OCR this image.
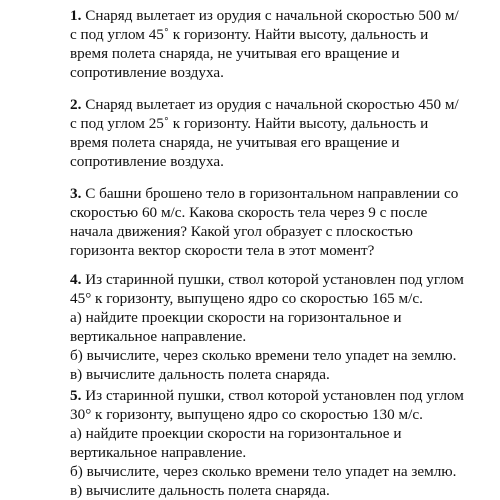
1. Снаряд вылетает из орудия с начальной скоростью 500 м/
с под углом 45˚ к горизонту. Найти высоту, дальность и
время полета снаряда, не учитывая его вращение и
сопротивление воздуха.
2. Снаряд вылетает из орудия с начальной скоростью 450 м/
с под углом 25˚ к горизонту. Найти высоту, дальность и
время полета снаряда, не учитывая его вращение и
сопротивление воздуха.
3. С башни брошено тело в горизонтальном направлении со
скоростью 60 м/с. Какова скорость тела через 9 с после
начала движения? Какой угол образует с плоскостью
горизонта вектор скорости тела в этот момент?
4. Из старинной пушки, ствол которой установлен под углом
45° к горизонту, выпущено ядро со скоростью 165 м/с.
а) найдите проекции скорости на горизонтальное и
вертикальное направление.
б) вычислите, через сколько времени тело упадет на землю.
в) вычислите дальность полета снаряда.
5. Из старинной пушки, ствол которой установлен под углом
30° к горизонту, выпущено ядро со скоростью 130 м/с.
а) найдите проекции скорости на горизонтальное и
вертикальное направление.
б) вычислите, через сколько времени тело упадет на землю.
в) вычислите дальность полета снаряда.
